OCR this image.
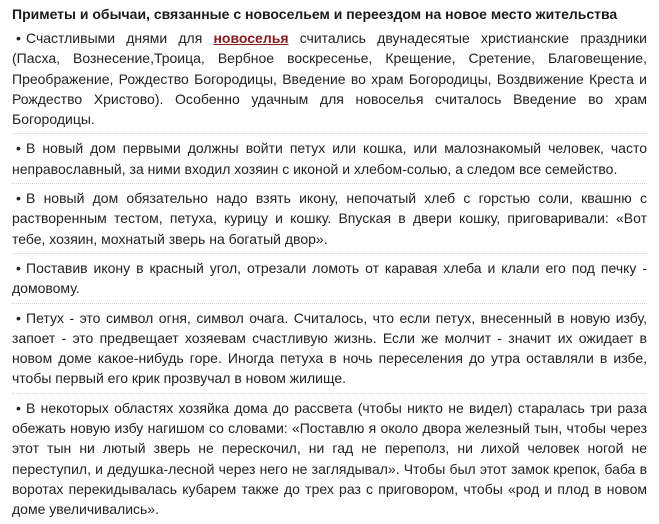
Приметы и обычаи, связанные с новосельем и переездом на новое место жительства

• Счастливыми днями для новоселья считались двунадесятые христианские праздники (Пасха, Вознесение,Троица, Вербное воскресенье, Крещение, Сретение, Благовещение, Преображение, Рождество Богородицы, Введение во храм Богородицы, Воздвижение Креста и Рождество Христово). Особенно удачным для новоселья считалось Введение во храм Богородицы.

• В новый дом первыми должны войти петух или кошка, или малознакомый человек, часто неправославный, за ними входил хозяин с иконой и хлебом-солью, а следом все семейство.

• В новый дом обязательно надо взять икону, непочатый хлеб с горстью соли, квашню с растворенным тестом, петуха, курицу и кошку. Впуская в двери кошку, приговаривали: «Вот тебе, хозяин, мохнатый зверь на богатый двор».

• Поставив икону в красный угол, отрезали ломоть от каравая хлеба и клали его под печку - домовому.

• Петух - это символ огня, символ очага. Считалось, что если петух, внесенный в новую избу, запоет - это предвещает хозяевам счастливую жизнь. Если же молчит - значит их ожидает в новом доме какое-нибудь горе. Иногда петуха в ночь переселения до утра оставляли в избе, чтобы первый его крик прозвучал в новом жилище.

• В некоторых областях хозяйка дома до рассвета (чтобы никто не видел) старалась три раза обежать новую избу нагишом со словами: «Поставлю я около двора железный тын, чтобы через этот тын ни лютый зверь не перескочил, ни гад не переполз, ни лихой человек ногой не переступил, и дедушка-лесной через него не заглядывал». Чтобы был этот замок крепок, баба в воротах перекидывалась кубарем также до трех раз с приговором, чтобы «род и плод в новом доме увеличивались».
